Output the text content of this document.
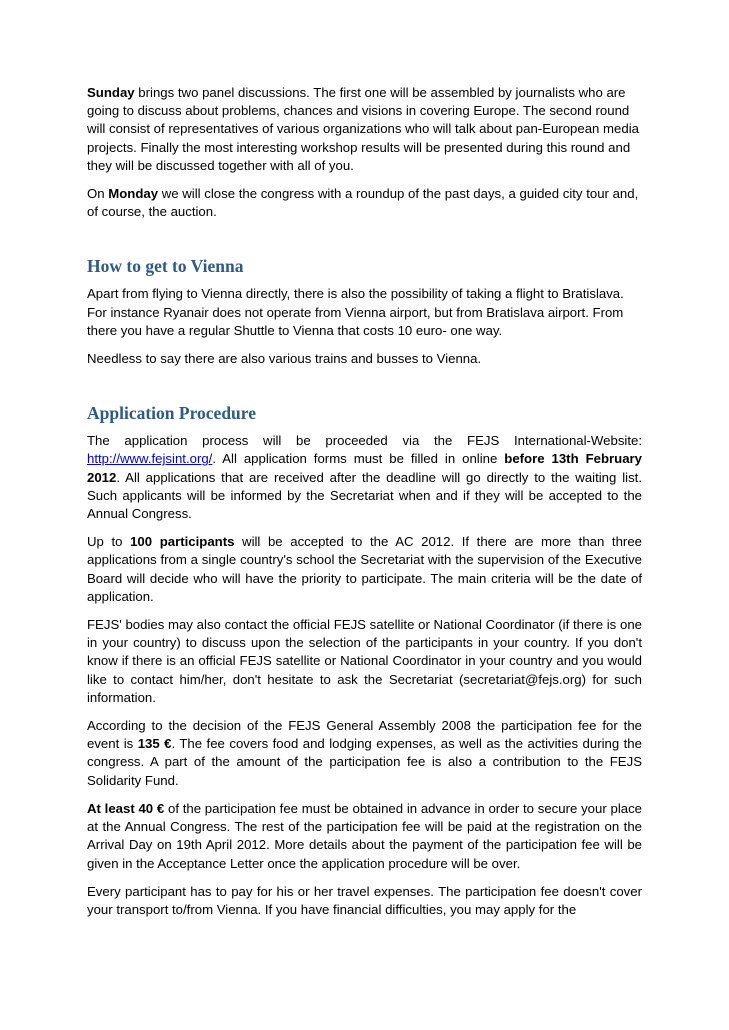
Sunday brings two panel discussions. The first one will be assembled by journalists who are going to discuss about problems, chances and visions in covering Europe. The second round will consist of representatives of various organizations who will talk about pan-European media projects. Finally the most interesting workshop results will be presented during this round and they will be discussed together with all of you.

On Monday we will close the congress with a roundup of the past days, a guided city tour and, of course, the auction.

How to get to Vienna

Apart from flying to Vienna directly, there is also the possibility of taking a flight to Bratislava. For instance Ryanair does not operate from Vienna airport, but from Bratislava airport. From there you have a regular Shuttle to Vienna that costs 10 euro- one way.

Needless to say there are also various trains and busses to Vienna.

Application Procedure

The application process will be proceeded via the FEJS International-Website: http://www.fejsint.org/. All application forms must be filled in online before 13th February 2012. All applications that are received after the deadline will go directly to the waiting list. Such applicants will be informed by the Secretariat when and if they will be accepted to the Annual Congress.

Up to 100 participants will be accepted to the AC 2012. If there are more than three applications from a single country's school the Secretariat with the supervision of the Executive Board will decide who will have the priority to participate. The main criteria will be the date of application.

FEJS' bodies may also contact the official FEJS satellite or National Coordinator (if there is one in your country) to discuss upon the selection of the participants in your country. If you don't know if there is an official FEJS satellite or National Coordinator in your country and you would like to contact him/her, don't hesitate to ask the Secretariat (secretariat@fejs.org) for such information.

According to the decision of the FEJS General Assembly 2008 the participation fee for the event is 135 €. The fee covers food and lodging expenses, as well as the activities during the congress. A part of the amount of the participation fee is also a contribution to the FEJS Solidarity Fund.

At least 40 € of the participation fee must be obtained in advance in order to secure your place at the Annual Congress. The rest of the participation fee will be paid at the registration on the Arrival Day on 19th April 2012. More details about the payment of the participation fee will be given in the Acceptance Letter once the application procedure will be over.

Every participant has to pay for his or her travel expenses. The participation fee doesn't cover your transport to/from Vienna. If you have financial difficulties, you may apply for the
